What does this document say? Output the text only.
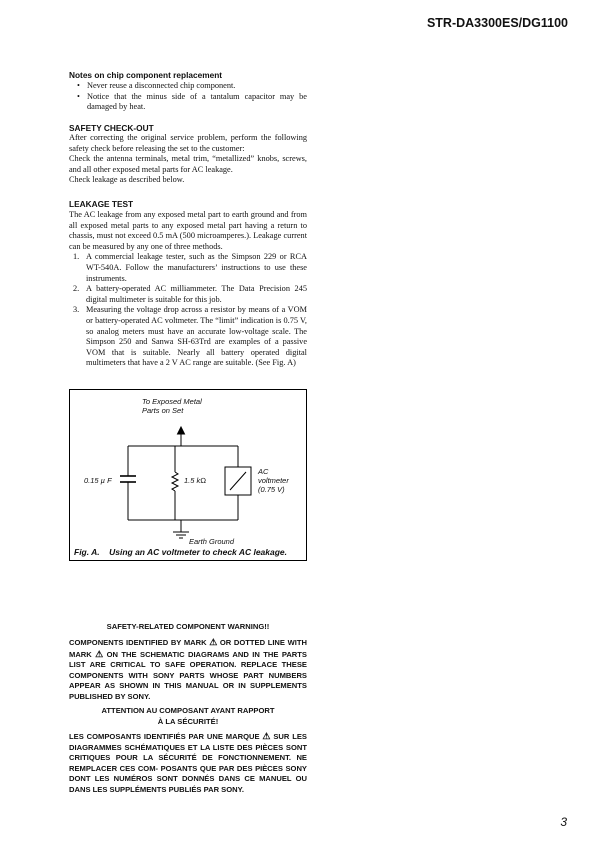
STR-DA3300ES/DG1100
Notes on chip component replacement
• Never reuse a disconnected chip component.
• Notice that the minus side of a tantalum capacitor may be damaged by heat.
SAFETY CHECK-OUT
After correcting the original service problem, perform the following safety check before releasing the set to the customer:
Check the antenna terminals, metal trim, “metallized” knobs, screws, and all other exposed metal parts for AC leakage.
Check leakage as described below.
LEAKAGE TEST
The AC leakage from any exposed metal part to earth ground and from all exposed metal parts to any exposed metal part having a return to chassis, must not exceed 0.5 mA (500 microamperes.). Leakage current can be measured by any one of three methods.
1. A commercial leakage tester, such as the Simpson 229 or RCA WT-540A. Follow the manufacturers’ instructions to use these instruments.
2. A battery-operated AC milliammeter. The Data Precision 245 digital multimeter is suitable for this job.
3. Measuring the voltage drop across a resistor by means of a VOM or battery-operated AC voltmeter. The “limit” indication is 0.75 V, so analog meters must have an accurate low-voltage scale. The Simpson 250 and Sanwa SH-63Trd are examples of a passive VOM that is suitable. Nearly all battery operated digital multimeters that have a 2 V AC range are suitable. (See Fig. A)
To Exposed Metal
Parts on Set
0.15 µ F	1.5 kΩ
AC
voltmeter
(0.75 V)
Earth Ground
Fig. A.    Using an AC voltmeter to check AC leakage.
SAFETY-RELATED COMPONENT WARNING!!
COMPONENTS IDENTIFIED BY MARK ⚠ OR DOTTED LINE WITH MARK ⚠ ON THE SCHEMATIC DIAGRAMS AND IN THE PARTS LIST ARE CRITICAL TO SAFE OPERATION. REPLACE THESE COMPONENTS WITH SONY PARTS WHOSE PART NUMBERS APPEAR AS SHOWN IN THIS MANUAL OR IN SUPPLEMENTS PUBLISHED BY SONY.
ATTENTION AU COMPOSANT AYANT RAPPORT
À LA SÉCURITÉ!
LES COMPOSANTS IDENTIFIÉS PAR UNE MARQUE ⚠ SUR LES DIAGRAMMES SCHÉMATIQUES ET LA LISTE DES PIÈCES SONT CRITIQUES POUR LA SÉCURITÉ DE FONCTIONNEMENT. NE REMPLACER CES COM- POSANTS QUE PAR DES PIÈCES SONY DONT LES NUMÉROS SONT DONNÉS DANS CE MANUEL OU DANS LES SUPPLÉMENTS PUBLIÉS PAR SONY.
3
